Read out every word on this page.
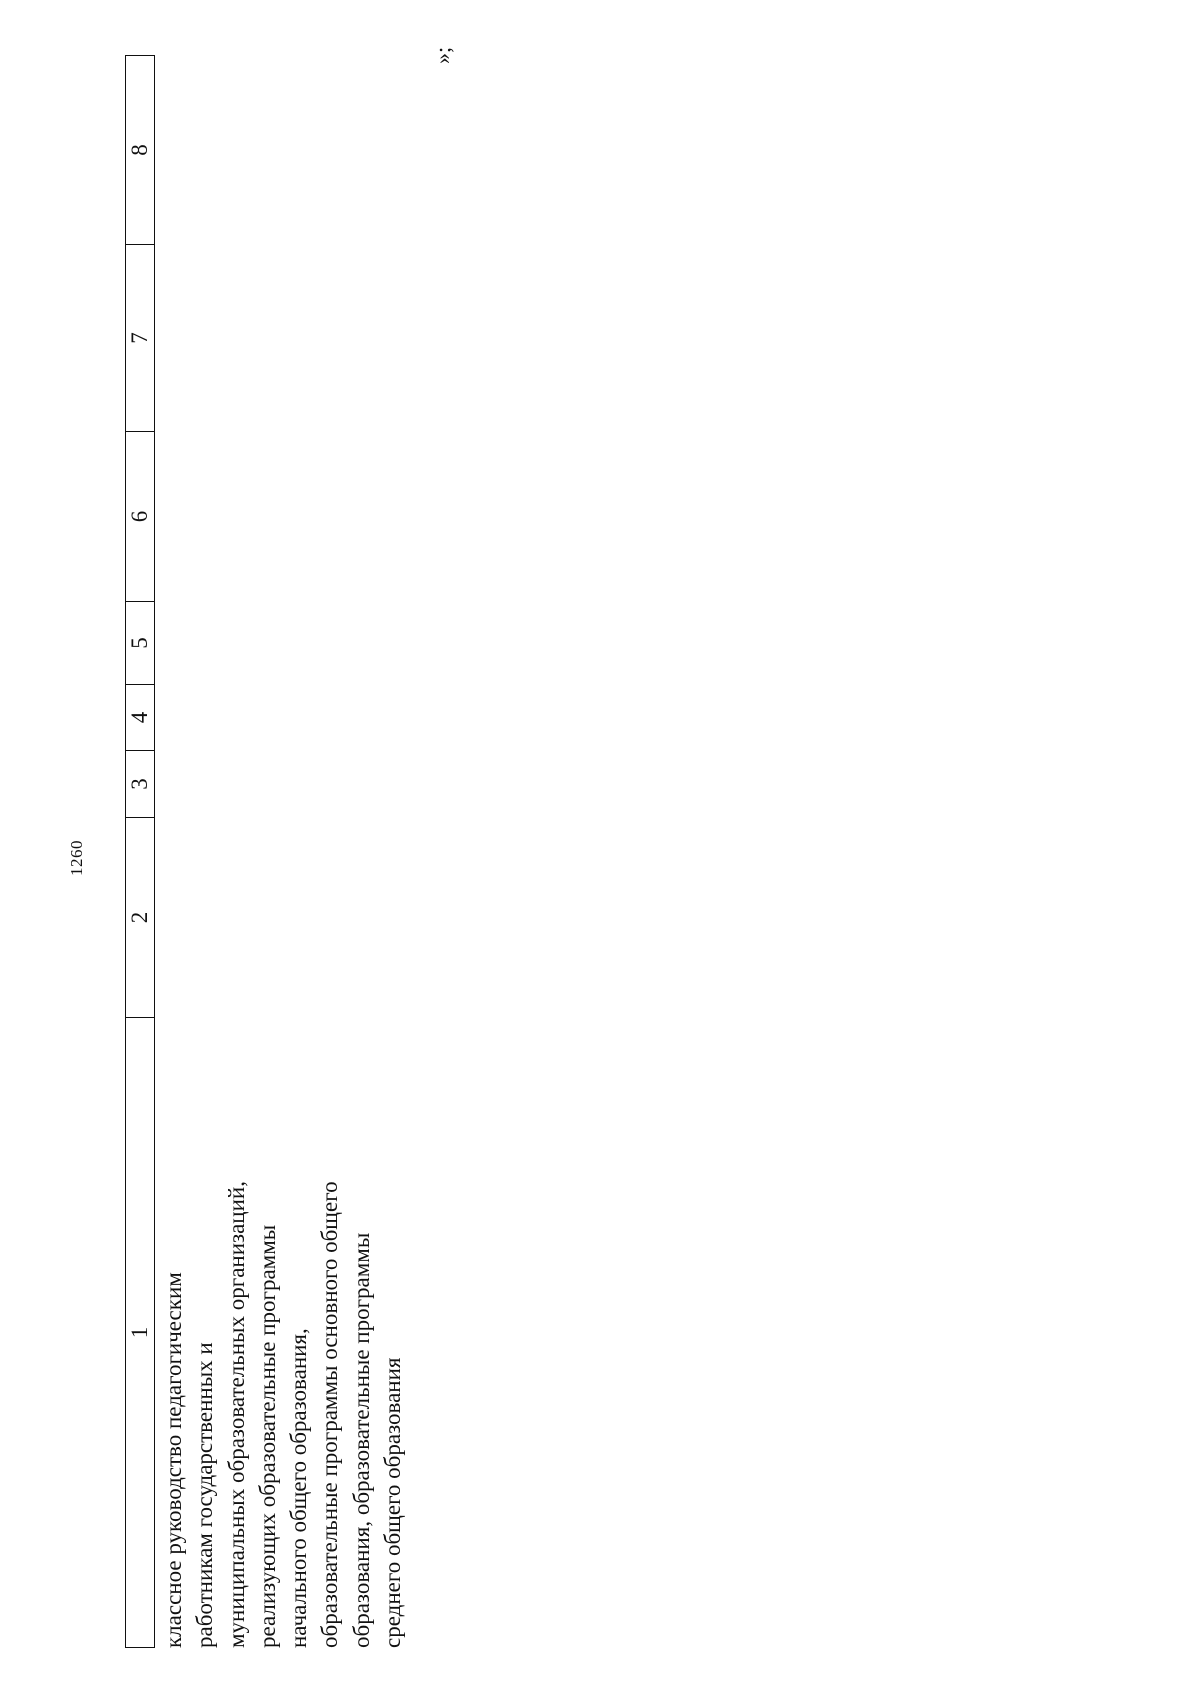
1260
1	2	3	4	5	6	7	8
классное руководство педагогическим работникам государственных и муниципальных образовательных организаций, реализующих образовательные программы начального общего образования, образовательные программы основного общего образования, образовательные программы среднего общего образования
»;
